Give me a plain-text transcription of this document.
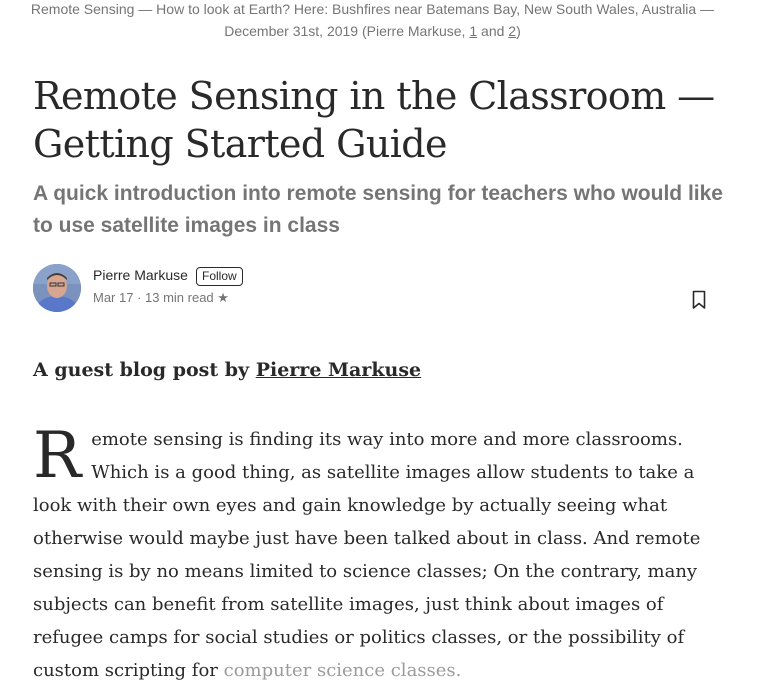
Remote Sensing — How to look at Earth? Here: Bushfires near Batemans Bay, New South Wales, Australia —
December 31st, 2019 (Pierre Markuse, 1 and 2)
Remote Sensing in the Classroom — Getting Started Guide
A quick introduction into remote sensing for teachers who would like to use satellite images in class
Pierre Markuse	Follow
Mar 17 · 13 min read ★

A guest blog post by Pierre Markuse

Remote sensing is finding its way into more and more classrooms. Which is a good thing, as satellite images allow students to take a look with their own eyes and gain knowledge by actually seeing what otherwise would maybe just have been talked about in class. And remote sensing is by no means limited to science classes; On the contrary, many subjects can benefit from satellite images, just think about images of refugee camps for social studies or politics classes, or the possibility of custom scripting for computer science classes.
